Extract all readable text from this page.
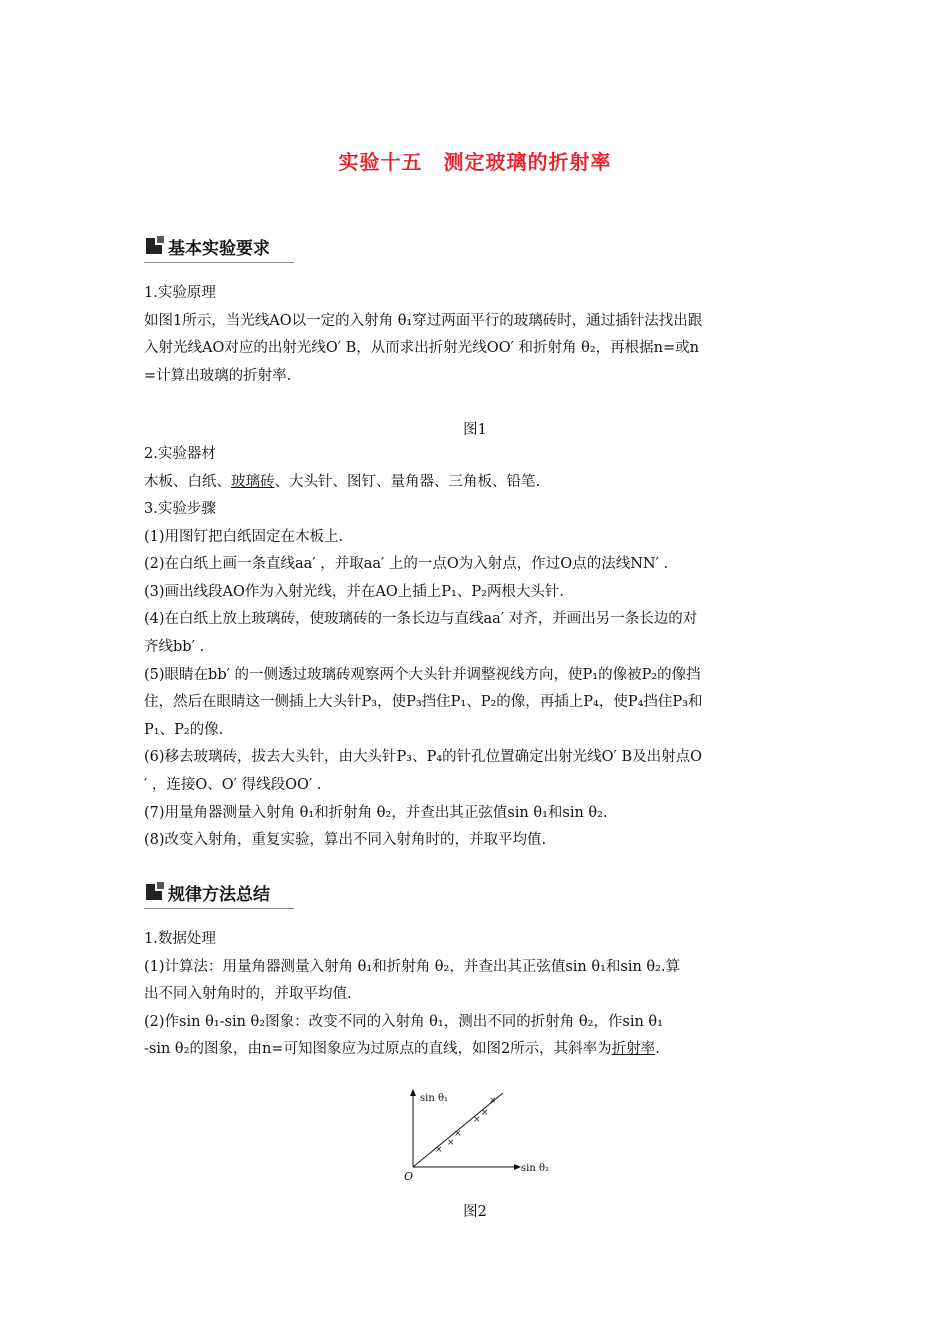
实验十五　测定玻璃的折射率
基本实验要求
1.实验原理
如图1所示，当光线AO以一定的入射角 θ₁穿过两面平行的玻璃砖时，通过插针法找出跟
入射光线AO对应的出射光线O′ B，从而求出折射光线OO′ 和折射角 θ₂，再根据n=或n
=计算出玻璃的折射率.
图1
2.实验器材
木板、白纸、玻璃砖、大头针、图钉、量角器、三角板、铅笔.
3.实验步骤
(1)用图钉把白纸固定在木板上.
(2)在白纸上画一条直线aa′ ，并取aa′ 上的一点O为入射点，作过O点的法线NN′ .
(3)画出线段AO作为入射光线，并在AO上插上P₁、P₂两根大头针.
(4)在白纸上放上玻璃砖，使玻璃砖的一条长边与直线aa′ 对齐，并画出另一条长边的对
齐线bb′ .
(5)眼睛在bb′ 的一侧透过玻璃砖观察两个大头针并调整视线方向，使P₁的像被P₂的像挡
住，然后在眼睛这一侧插上大头针P₃，使P₃挡住P₁、P₂的像，再插上P₄，使P₄挡住P₃和
P₁、P₂的像.
(6)移去玻璃砖，拔去大头针，由大头针P₃、P₄的针孔位置确定出射光线O′ B及出射点O
′ ，连接O、O′ 得线段OO′ .
(7)用量角器测量入射角 θ₁和折射角 θ₂，并查出其正弦值sin θ₁和sin θ₂.
(8)改变入射角，重复实验，算出不同入射角时的，并取平均值.
规律方法总结
1.数据处理
(1)计算法：用量角器测量入射角 θ₁和折射角 θ₂，并查出其正弦值sin θ₁和sin θ₂.算
出不同入射角时的，并取平均值.
(2)作sin θ₁-sin θ₂图象：改变不同的入射角 θ₁，测出不同的折射角 θ₂，作sin θ₁
-sin θ₂的图象，由n=可知图象应为过原点的直线，如图2所示，其斜率为折射率.
sin θ₁
sin θ₂
O
×
×
×
×
×
×
图2
